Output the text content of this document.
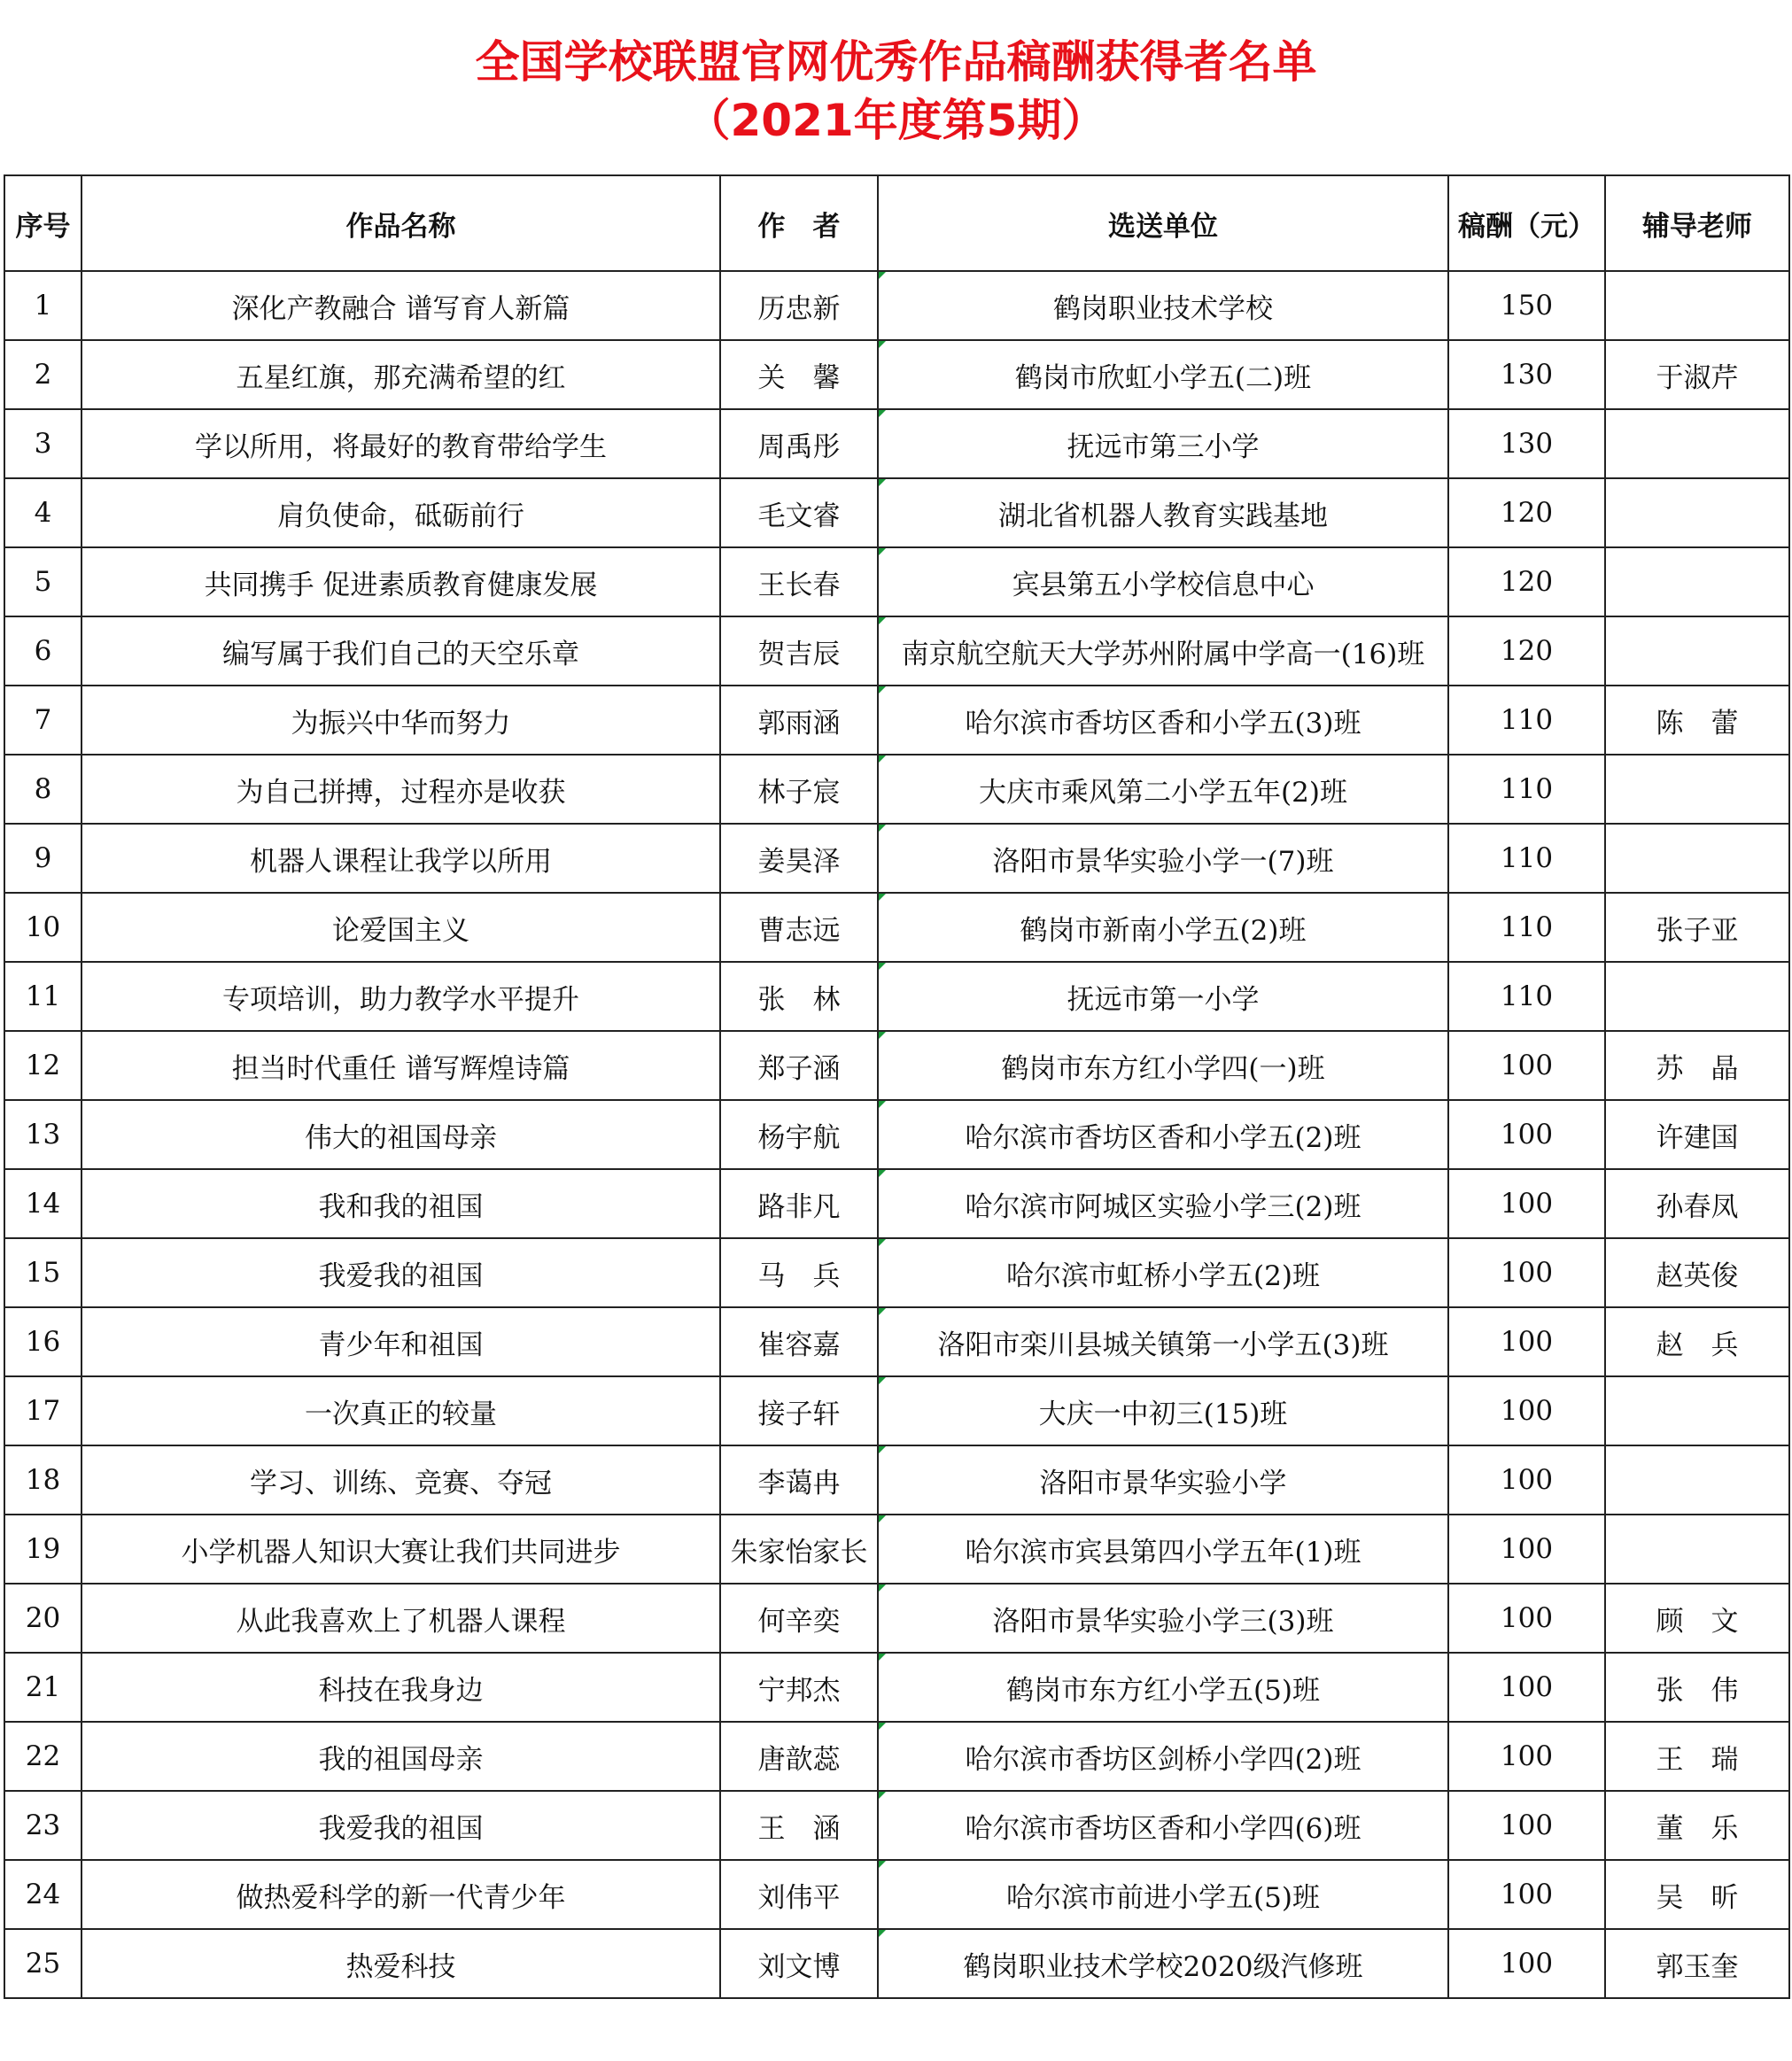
全国学校联盟官网优秀作品稿酬获得者名单
（2021年度第5期）
序号	作品名称	作　者	选送单位	稿酬（元）	辅导老师
1	深化产教融合 谱写育人新篇	历忠新	鹤岗职业技术学校	150	
2	五星红旗，那充满希望的红	关　馨	鹤岗市欣虹小学五(二)班	130	于淑芹
3	学以所用，将最好的教育带给学生	周禹彤	抚远市第三小学	130	
4	肩负使命，砥砺前行	毛文睿	湖北省机器人教育实践基地	120	
5	共同携手 促进素质教育健康发展	王长春	宾县第五小学校信息中心	120	
6	编写属于我们自己的天空乐章	贺吉辰	南京航空航天大学苏州附属中学高一(16)班	120	
7	为振兴中华而努力	郭雨涵	哈尔滨市香坊区香和小学五(3)班	110	陈　蕾
8	为自己拼搏，过程亦是收获	林子宸	大庆市乘风第二小学五年(2)班	110	
9	机器人课程让我学以所用	姜昊泽	洛阳市景华实验小学一(7)班	110	
10	论爱国主义	曹志远	鹤岗市新南小学五(2)班	110	张子亚
11	专项培训，助力教学水平提升	张　林	抚远市第一小学	110	
12	担当时代重任 谱写辉煌诗篇	郑子涵	鹤岗市东方红小学四(一)班	100	苏　晶
13	伟大的祖国母亲	杨宇航	哈尔滨市香坊区香和小学五(2)班	100	许建国
14	我和我的祖国	路非凡	哈尔滨市阿城区实验小学三(2)班	100	孙春凤
15	我爱我的祖国	马　兵	哈尔滨市虹桥小学五(2)班	100	赵英俊
16	青少年和祖国	崔容嘉	洛阳市栾川县城关镇第一小学五(3)班	100	赵　兵
17	一次真正的较量	接子轩	大庆一中初三(15)班	100	
18	学习、训练、竞赛、夺冠	李蔼冉	洛阳市景华实验小学	100	
19	小学机器人知识大赛让我们共同进步	朱家怡家长	哈尔滨市宾县第四小学五年(1)班	100	
20	从此我喜欢上了机器人课程	何辛奕	洛阳市景华实验小学三(3)班	100	顾　文
21	科技在我身边	宁邦杰	鹤岗市东方红小学五(5)班	100	张　伟
22	我的祖国母亲	唐歆蕊	哈尔滨市香坊区剑桥小学四(2)班	100	王　瑞
23	我爱我的祖国	王　涵	哈尔滨市香坊区香和小学四(6)班	100	董　乐
24	做热爱科学的新一代青少年	刘伟平	哈尔滨市前进小学五(5)班	100	吴　昕
25	热爱科技	刘文博	鹤岗职业技术学校2020级汽修班	100	郭玉奎
